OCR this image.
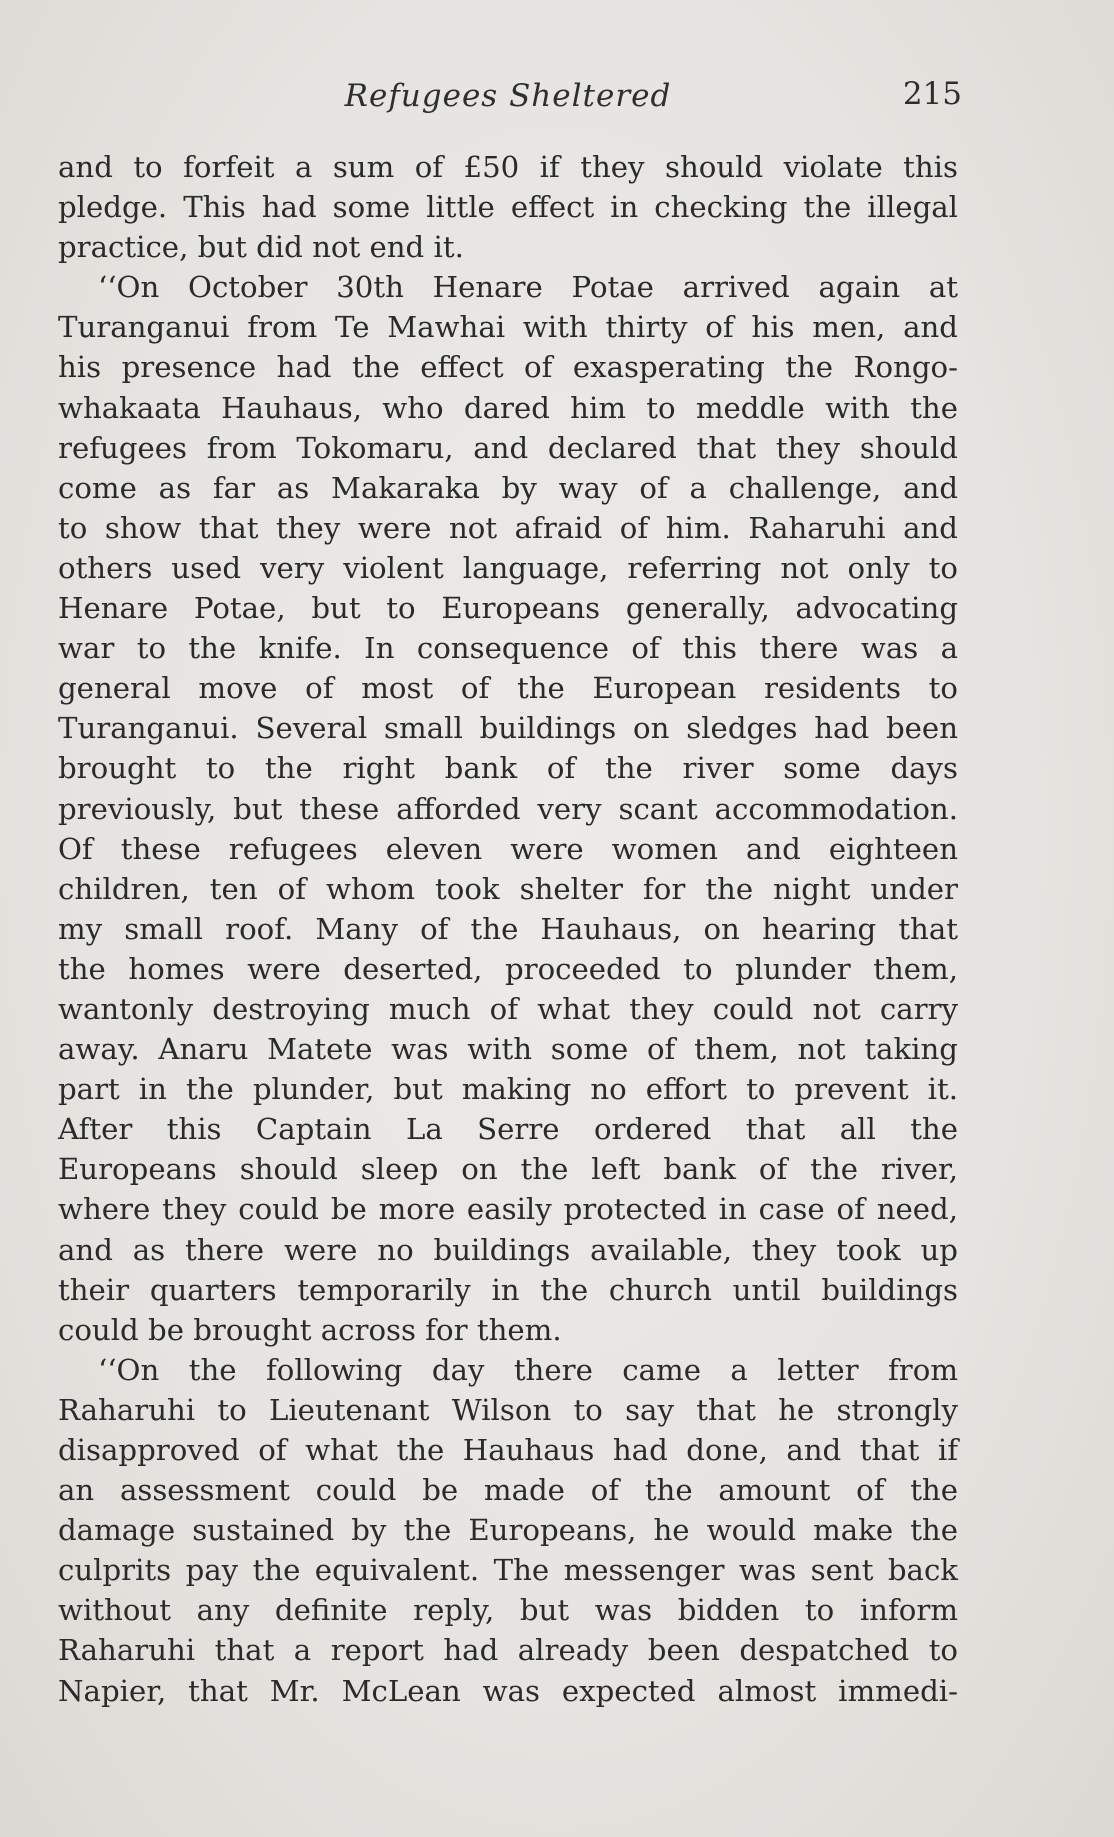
Refugees Sheltered	215
and to forfeit a sum of £50 if they should violate this
pledge. This had some little effect in checking the illegal
practice, but did not end it.
‘‘On October 30th Henare Potae arrived again at
Turanganui from Te Mawhai with thirty of his men, and
his presence had the effect of exasperating the Rongo-
whakaata Hauhaus, who dared him to meddle with the
refugees from Tokomaru, and declared that they should
come as far as Makaraka by way of a challenge, and
to show that they were not afraid of him. Raharuhi and
others used very violent language, referring not only to
Henare Potae, but to Europeans generally, advocating
war to the knife. In consequence of this there was a
general move of most of the European residents to
Turanganui. Several small buildings on sledges had been
brought to the right bank of the river some days
previously, but these afforded very scant accommodation.
Of these refugees eleven were women and eighteen
children, ten of whom took shelter for the night under
my small roof. Many of the Hauhaus, on hearing that
the homes were deserted, proceeded to plunder them,
wantonly destroying much of what they could not carry
away. Anaru Matete was with some of them, not taking
part in the plunder, but making no effort to prevent it.
After this Captain La Serre ordered that all the
Europeans should sleep on the left bank of the river,
where they could be more easily protected in case of need,
and as there were no buildings available, they took up
their quarters temporarily in the church until buildings
could be brought across for them.
‘‘On the following day there came a letter from
Raharuhi to Lieutenant Wilson to say that he strongly
disapproved of what the Hauhaus had done, and that if
an assessment could be made of the amount of the
damage sustained by the Europeans, he would make the
culprits pay the equivalent. The messenger was sent back
without any definite reply, but was bidden to inform
Raharuhi that a report had already been despatched to
Napier, that Mr. McLean was expected almost immedi-
